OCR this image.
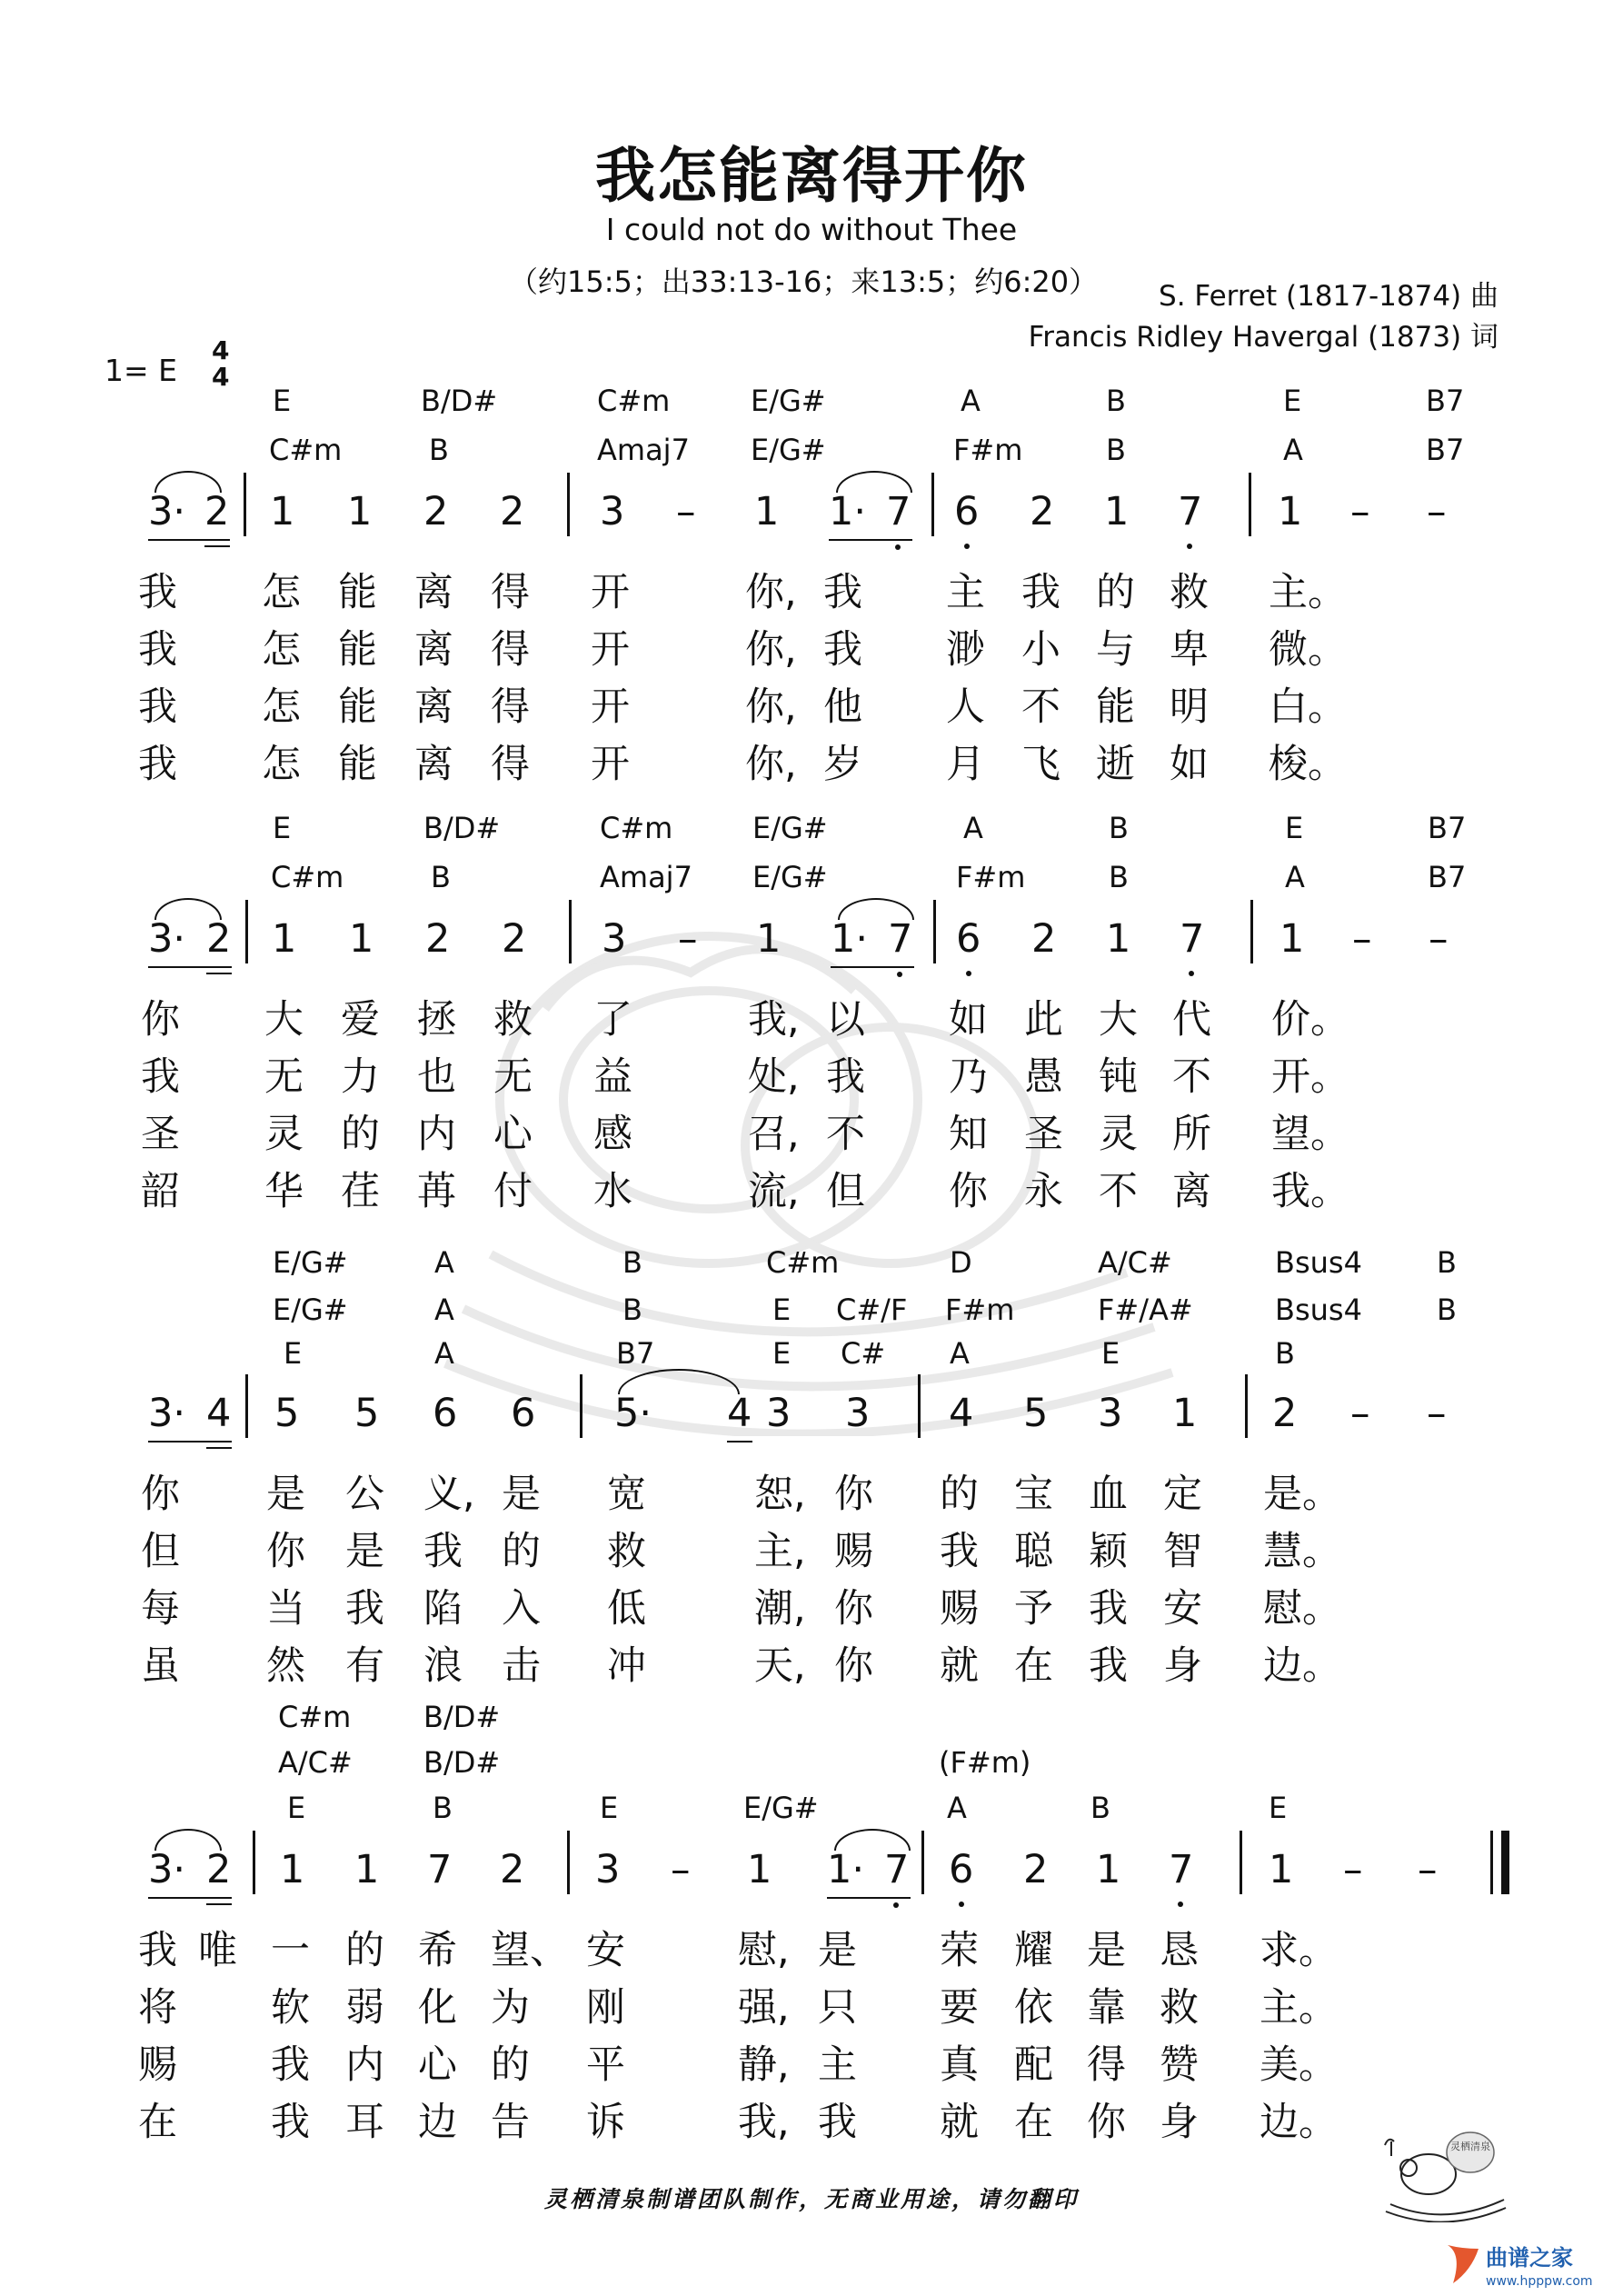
我怎能离得开你
I could not do without Thee
（约15:5；出33:13-16；来13:5；约6:20） S. Ferret (1817-1874) 曲
Francis Ridley Havergal (1873) 词
1= E
4
4
E	B/D#	C#m	E/G#	A	B	E	B7
C#m	B	Amaj7 E/G#	F#m	B	A	B7
3· 2 1 1 2 2 3 – 1 1· 7 6 2 1 7 1 – –
我 怎 能 离 得 开	你, 我 主 我 的 救 主。
我 怎 能 离 得 开	你, 我 渺 小 与 卑 微。
我 怎 能 离 得 开	你, 他 人 不 能 明 白。
我 怎 能 离 得 开	你, 岁 月 飞 逝 如 梭。
E	B/D#	C#m	E/G#	A	B	E	B7
C#m	B	Amaj7 E/G#	F#m	B	A	B7
3· 2 1 1 2 2 3 – 1 1· 7 6 2 1 7 1 – –
你 大 爱 拯 救 了	我, 以 如 此 大 代 价。
我 无 力 也 无 益	处, 我 乃 愚 钝 不 开。
圣 灵 的 内 心 感	召, 不 知 圣 灵 所 望。
韶 华 荏 苒 付 水	流, 但 你 永 不 离 我。
E/G#	A	B	C#m	D	A/C#	Bsus4	B
E/G#	A	B	E C#/F F#m	F#/A#	Bsus4	B
E	A	B7	E C# A	E	B
3· 4 5 5 6 6 5· 4 3 3 4 5 3 1 2 – –
你 是 公 义, 是 宽	恕, 你 的 宝 血 定 是。
但 你 是 我 的 救	主, 赐 我 聪 颖 智 慧。
每 当 我 陷 入 低	潮, 你 赐 予 我 安 慰。
虽 然 有 浪 击 冲	天, 你 就 在 我 身 边。
C#m B/D#
A/C# B/D#	(F#m)
E	B	E	E/G#	A	B	E
3· 2 1 1 7 2 3 – 1 1· 7 6 2 1 7 1 – –
我 唯 一 的 希 望、 安	慰, 是 荣 耀 是 恳 求。
将 软 弱 化 为 刚	强, 只 要 依 靠 救 主。
赐 我 内 心 的 平	静, 主 真 配 得 赞 美。
在 我 耳 边 告 诉	我, 我 就 在 你 身 边。
灵栖清泉制谱团队制作，无商业用途，请勿翻印
灵栖清泉
曲谱之家
www.hpppw.com
